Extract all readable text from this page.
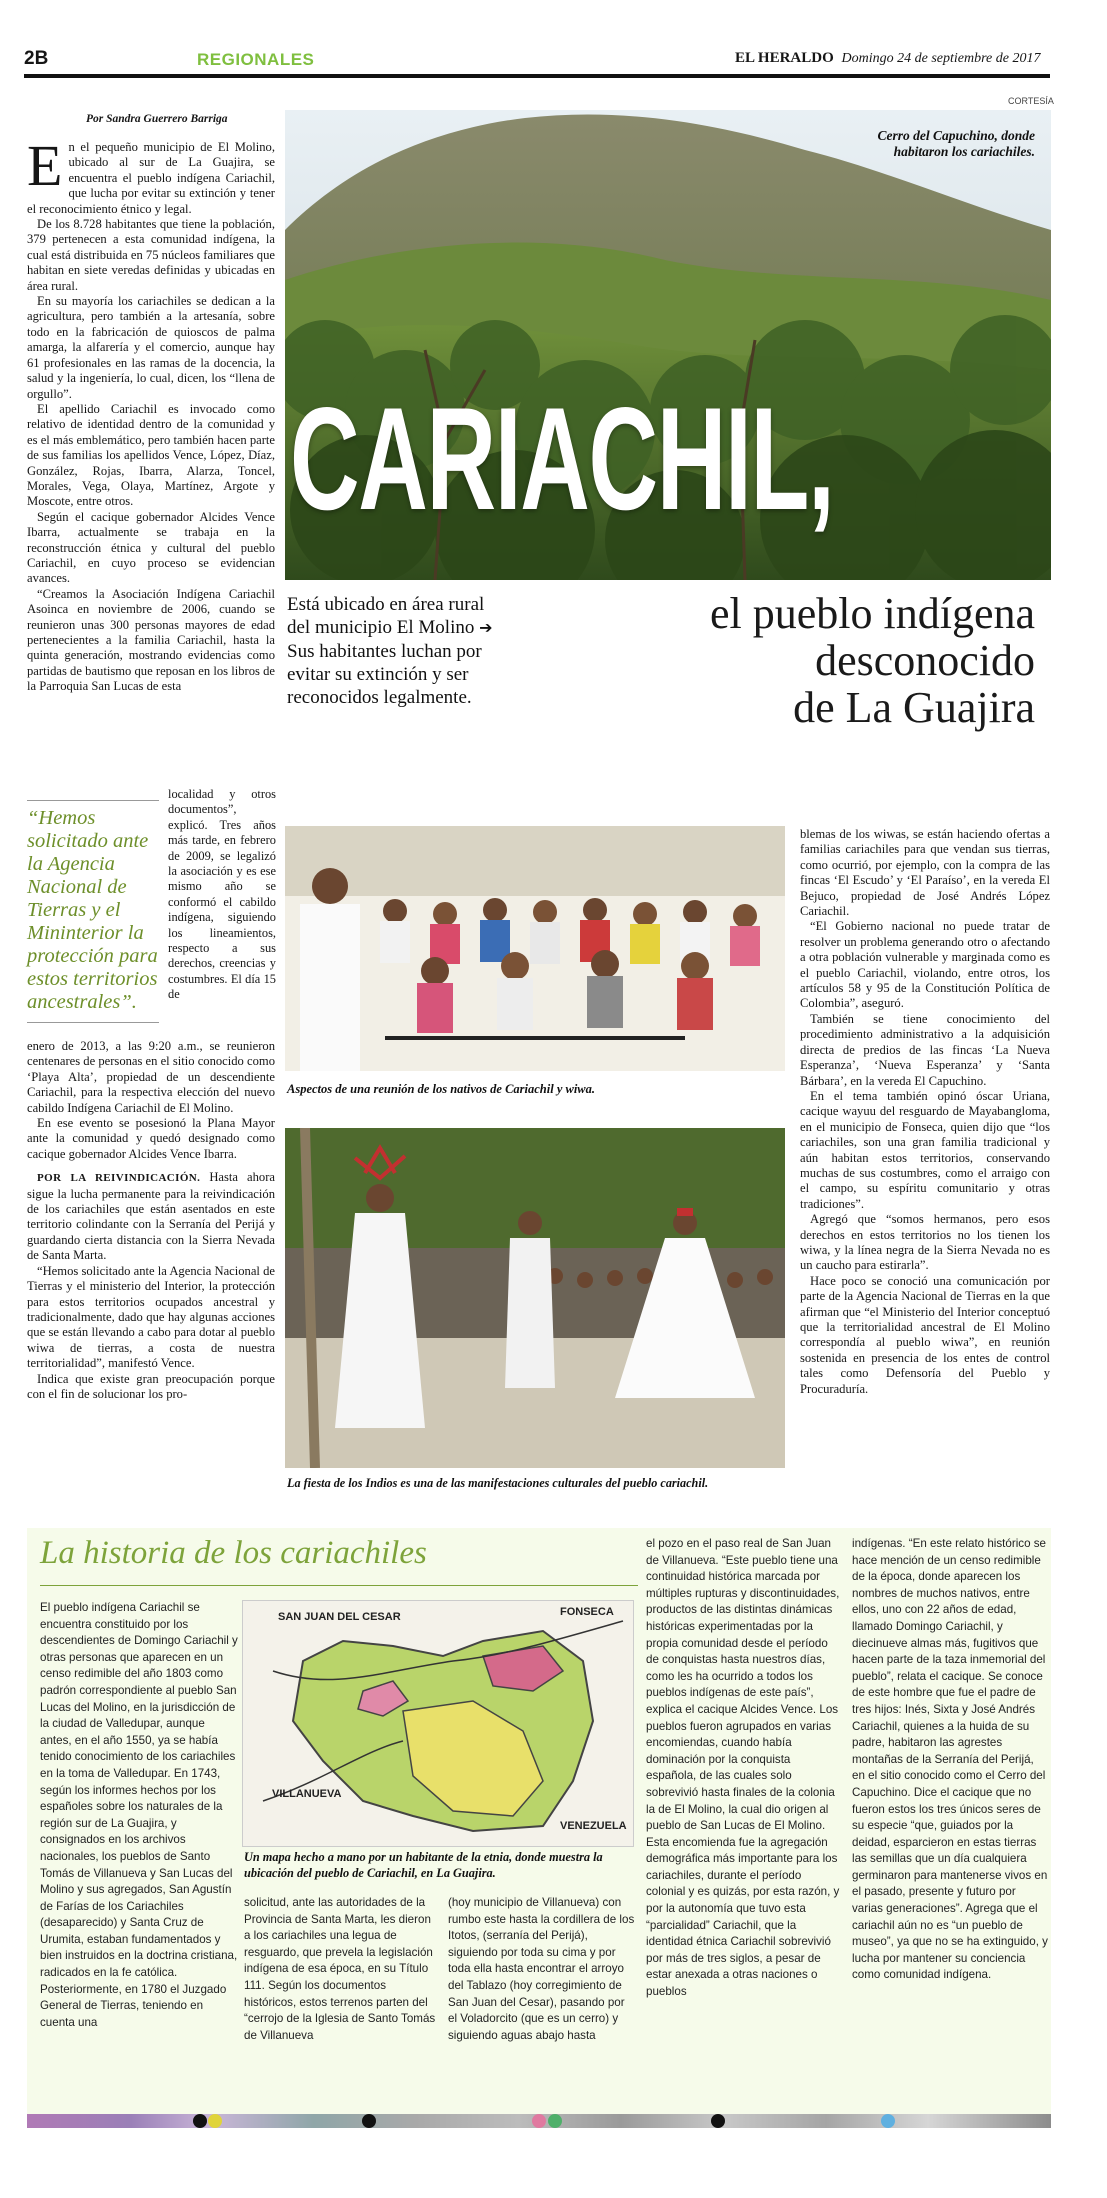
2B	REGIONALES	EL HERALDO Domingo 24 de septiembre de 2017
Por Sandra Guerrero Barriga
E n el pequeño municipio de El Molino, ubicado al sur de La Guajira, se encuentra el pueblo indígena Cariachil, que lucha por evitar su extinción y tener el reconocimiento étnico y legal.

De los 8.728 habitantes que tiene la población, 379 pertenecen a esta comunidad indígena, la cual está distribuida en 75 núcleos familiares que habitan en siete veredas definidas y ubicadas en área rural.

En su mayoría los cariachiles se dedican a la agricultura, pero también a la artesanía, sobre todo en la fabricación de quioscos de palma amarga, la alfarería y el comercio, aunque hay 61 profesionales en las ramas de la docencia, la salud y la ingeniería, lo cual, dicen, los “llena de orgullo”.

El apellido Cariachil es invocado como relativo de identidad dentro de la comunidad y es el más emblemático, pero también hacen parte de sus familias los apellidos Vence, López, Díaz, González, Rojas, Ibarra, Alarza, Toncel, Morales, Vega, Olaya, Martínez, Argote y Moscote, entre otros.

Según el cacique gobernador Alcides Vence Ibarra, actualmente se trabaja en la reconstrucción étnica y cultural del pueblo Cariachil, en cuyo proceso se evidencian avances.

“Creamos la Asociación Indígena Cariachil Asoinca en noviembre de 2006, cuando se reunieron unas 300 personas mayores de edad pertenecientes a la familia Cariachil, hasta la quinta generación, mostrando evidencias como partidas de bautismo que reposan en los libros de la Parroquia San Lucas de esta

“Hemos solicitado ante la Agencia Nacional de Tierras y el Mininterior la protección para estos territorios ancestrales”.

localidad y otros documentos”, explicó. Tres años más tarde, en febrero de 2009, se legalizó la asociación y es ese mismo año se conformó el cabildo indígena, siguiendo los lineamientos, respecto a sus derechos, creencias y costumbres. El día 15 de

enero de 2013, a las 9:20 a.m., se reunieron centenares de personas en el sitio conocido como ‘Playa Alta’, propiedad de un descendiente Cariachil, para la respectiva elección del nuevo cabildo Indígena Cariachil de El Molino.

En ese evento se posesionó la Plana Mayor ante la comunidad y quedó designado como cacique gobernador Alcides Vence Ibarra.

POR LA REIVINDICACIÓN. Hasta ahora sigue la lucha permanente para la reivindicación de los cariachiles que están asentados en este territorio colindante con la Serranía del Perijá y guardando cierta distancia con la Sierra Nevada de Santa Marta.

“Hemos solicitado ante la Agencia Nacional de Tierras y el ministerio del Interior, la protección para estos territorios ocupados ancestral y tradicionalmente, dado que hay algunas acciones que se están llevando a cabo para dotar al pueblo wiwa de tierras, a costa de nuestra territorialidad”, manifestó Vence.

Indica que existe gran preocupación porque con el fin de solucionar los pro-

CORTESÍA
Cerro del Capuchino, donde habitaron los cariachiles.
CARIACHIL,
Está ubicado en área rural del municipio El Molino ➔ Sus habitantes luchan por evitar su extinción y ser reconocidos legalmente.
el pueblo indígena
desconocido
de La Guajira
Aspectos de una reunión de los nativos de Cariachil y wiwa.
La fiesta de los Indios es una de las manifestaciones culturales del pueblo cariachil.

blemas de los wiwas, se están haciendo ofertas a familias cariachiles para que vendan sus tierras, como ocurrió, por ejemplo, con la compra de las fincas ‘El Escudo’ y ‘El Paraíso’, en la vereda El Bejuco, propiedad de José Andrés López Cariachil.

“El Gobierno nacional no puede tratar de resolver un problema generando otro o afectando a otra población vulnerable y marginada como es el pueblo Cariachil, violando, entre otros, los artículos 58 y 95 de la Constitución Política de Colombia”, aseguró.

También se tiene conocimiento del procedimiento administrativo a la adquisición directa de predios de las fincas ‘La Nueva Esperanza’, ‘Nueva Esperanza’ y ‘Santa Bárbara’, en la vereda El Capuchino.

En el tema también opinó óscar Uriana, cacique wayuu del resguardo de Mayabangloma, en el municipio de Fonseca, quien dijo que “los cariachiles, son una gran familia tradicional y aún habitan estos territorios, conservando muchas de sus costumbres, como el arraigo con el campo, su espíritu comunitario y otras tradiciones”.

Agregó que “somos hermanos, pero esos derechos en estos territorios no los tienen los wiwa, y la línea negra de la Sierra Nevada no es un caucho para estirarla”.

Hace poco se conoció una comunicación por parte de la Agencia Nacional de Tierras en la que afirman que “el Ministerio del Interior conceptuó que la territorialidad ancestral de El Molino correspondía al pueblo wiwa”, en reunión sostenida en presencia de los entes de control tales como Defensoría del Pueblo y Procuraduría.

La historia de los cariachiles

El pueblo indígena Cariachil se encuentra constituido por los descendientes de Domingo Cariachil y otras personas que aparecen en un censo redimible del año 1803 como padrón correspondiente al pueblo San Lucas del Molino, en la jurisdicción de la ciudad de Valledupar, aunque antes, en el año 1550, ya se había tenido conocimiento de los cariachiles en la toma de Valledupar. En 1743, según los informes hechos por los españoles sobre los naturales de la región sur de La Guajira, y consignados en los archivos nacionales, los pueblos de Santo Tomás de Villanueva y San Lucas del Molino y sus agregados, San Agustín de Farías de los Cariachiles (desaparecido) y Santa Cruz de Urumita, estaban fundamentados y bien instruidos en la doctrina cristiana, radicados en la fe católica. Posteriormente, en 1780 el Juzgado General de Tierras, teniendo en cuenta una

SAN JUAN DEL CESAR	FONSECA
VILLANUEVA
VENEZUELA
Un mapa hecho a mano por un habitante de la etnia, donde muestra la ubicación del pueblo de Cariachil, en La Guajira.

solicitud, ante las autoridades de la Provincia de Santa Marta, les dieron a los cariachiles una legua de resguardo, que prevela la legislación indígena de esa época, en su Título 111. Según los documentos históricos, estos terrenos parten del “cerrojo de la Iglesia de Santo Tomás de Villanueva

(hoy municipio de Villanueva) con rumbo este hasta la cordillera de los Itotos, (serranía del Perijá), siguiendo por toda su cima y por toda ella hasta encontrar el arroyo del Tablazo (hoy corregimiento de San Juan del Cesar), pasando por el Voladorcito (que es un cerro) y siguiendo aguas abajo hasta

el pozo en el paso real de San Juan de Villanueva. “Este pueblo tiene una continuidad histórica marcada por múltiples rupturas y discontinuidades, productos de las distintas dinámicas históricas experimentadas por la propia comunidad desde el período de conquistas hasta nuestros días, como les ha ocurrido a todos los pueblos indígenas de este país”, explica el cacique Alcides Vence. Los pueblos fueron agrupados en varias encomiendas, cuando había dominación por la conquista española, de las cuales solo sobrevivió hasta finales de la colonia la de El Molino, la cual dio origen al pueblo de San Lucas de El Molino. Esta encomienda fue la agregación demográfica más importante para los cariachiles, durante el período colonial y es quizás, por esta razón, y por la autonomía que tuvo esta “parcialidad” Cariachil, que la identidad étnica Cariachil sobrevivió por más de tres siglos, a pesar de estar anexada a otras naciones o pueblos

indígenas. “En este relato histórico se hace mención de un censo redimible de la época, donde aparecen los nombres de muchos nativos, entre ellos, uno con 22 años de edad, llamado Domingo Cariachil, y diecinueve almas más, fugitivos que hacen parte de la taza inmemorial del pueblo”, relata el cacique. Se conoce de este hombre que fue el padre de tres hijos: Inés, Sixta y José Andrés Cariachil, quienes a la huida de su padre, habitaron las agrestes montañas de la Serranía del Perijá, en el sitio conocido como el Cerro del Capuchino. Dice el cacique que no fueron estos los tres únicos seres de su especie “que, guiados por la deidad, esparcieron en estas tierras las semillas que un día cualquiera germinaron para mantenerse vivos en el pasado, presente y futuro por varias generaciones”. Agrega que el cariachil aún no es “un pueblo de museo”, ya que no se ha extinguido, y lucha por mantener su conciencia como comunidad indígena.
